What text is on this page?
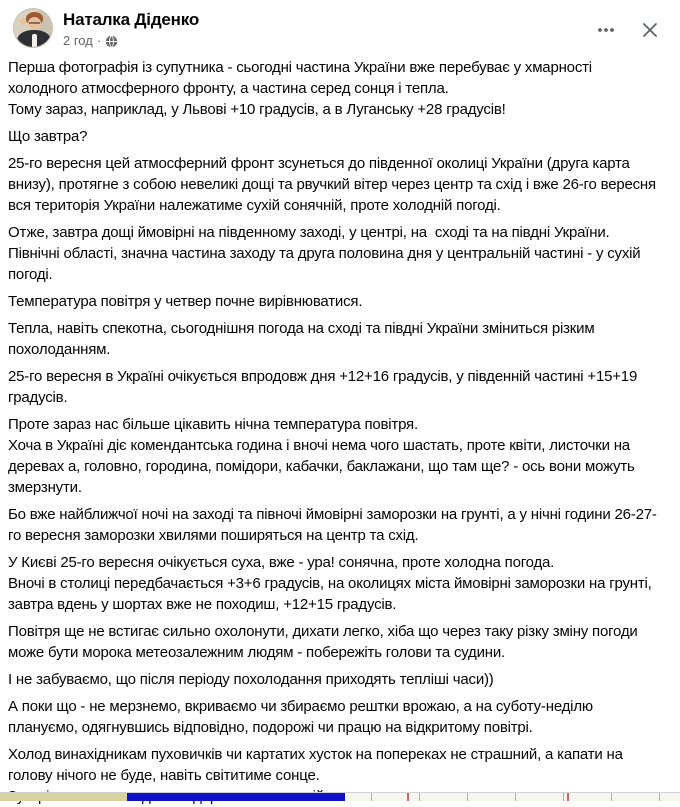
Наталка Діденко
2 год ·
Перша фотографія із супутника - сьогодні частина України вже перебуває у хмарності холодного атмосферного фронту, а частина серед сонця і тепла.
Тому зараз, наприклад, у Львові +10 градусів, а в Луганську +28 градусів!
Що завтра?
25-го вересня цей атмосферний фронт зсунеться до південної околиці України (друга карта внизу), протягне з собою невеликі дощі та рвучкий вітер через центр та схід і вже 26-го вересня вся територія України належатиме сухій сонячній, проте холодній погоді.
Отже, завтра дощі ймовірні на південному заході, у центрі, на  сході та на півдні України.
Північні області, значна частина заходу та друга половина дня у центральній частині - у сухій погоді.
Температура повітря у четвер почне вирівнюватися.
Тепла, навіть спекотна, сьогоднішня погода на сході та півдні України зміниться різким похолоданням.
25-го вересня в Україні очікується впродовж дня +12+16 градусів, у південній частині +15+19 градусів.
Проте зараз нас більше цікавить нічна температура повітря.
Хоча в Україні діє комендантська година і вночі нема чого шастать, проте квіти, листочки на деревах а, головно, городина, помідори, кабачки, баклажани, що там ще? - ось вони можуть змерзнути.
Бо вже найближчої ночі на заході та півночі ймовірні заморозки на грунті, а у нічні години 26-27-го вересня заморозки хвилями поширяться на центр та схід.
У Києві 25-го вересня очікується суха, вже - ура! сонячна, проте холодна погода.
Вночі в столиці передбачається +3+6 градусів, на околицях міста ймовірні заморозки на грунті, завтра вдень у шортах вже не походиш, +12+15 градусів.
Повітря ще не встигає сильно охолонути, дихати легко, хіба що через таку різку зміну погоди може бути морока метеозалежним людям - побережіть голови та судини.
І не забуваємо, що після періоду похолодання приходять тепліші часи))
А поки що - не мерзнемо, вкриваємо чи збираємо рештки врожаю, а на суботу-неділю плануємо, одягнувшись відповідно, подорожі чи працю на відкритому повітрі.
Холод винахідникам пуховичків чи картатих хусток на попереках не страшний, а капати на голову нічого не буде, навіть світитиме сонце.
